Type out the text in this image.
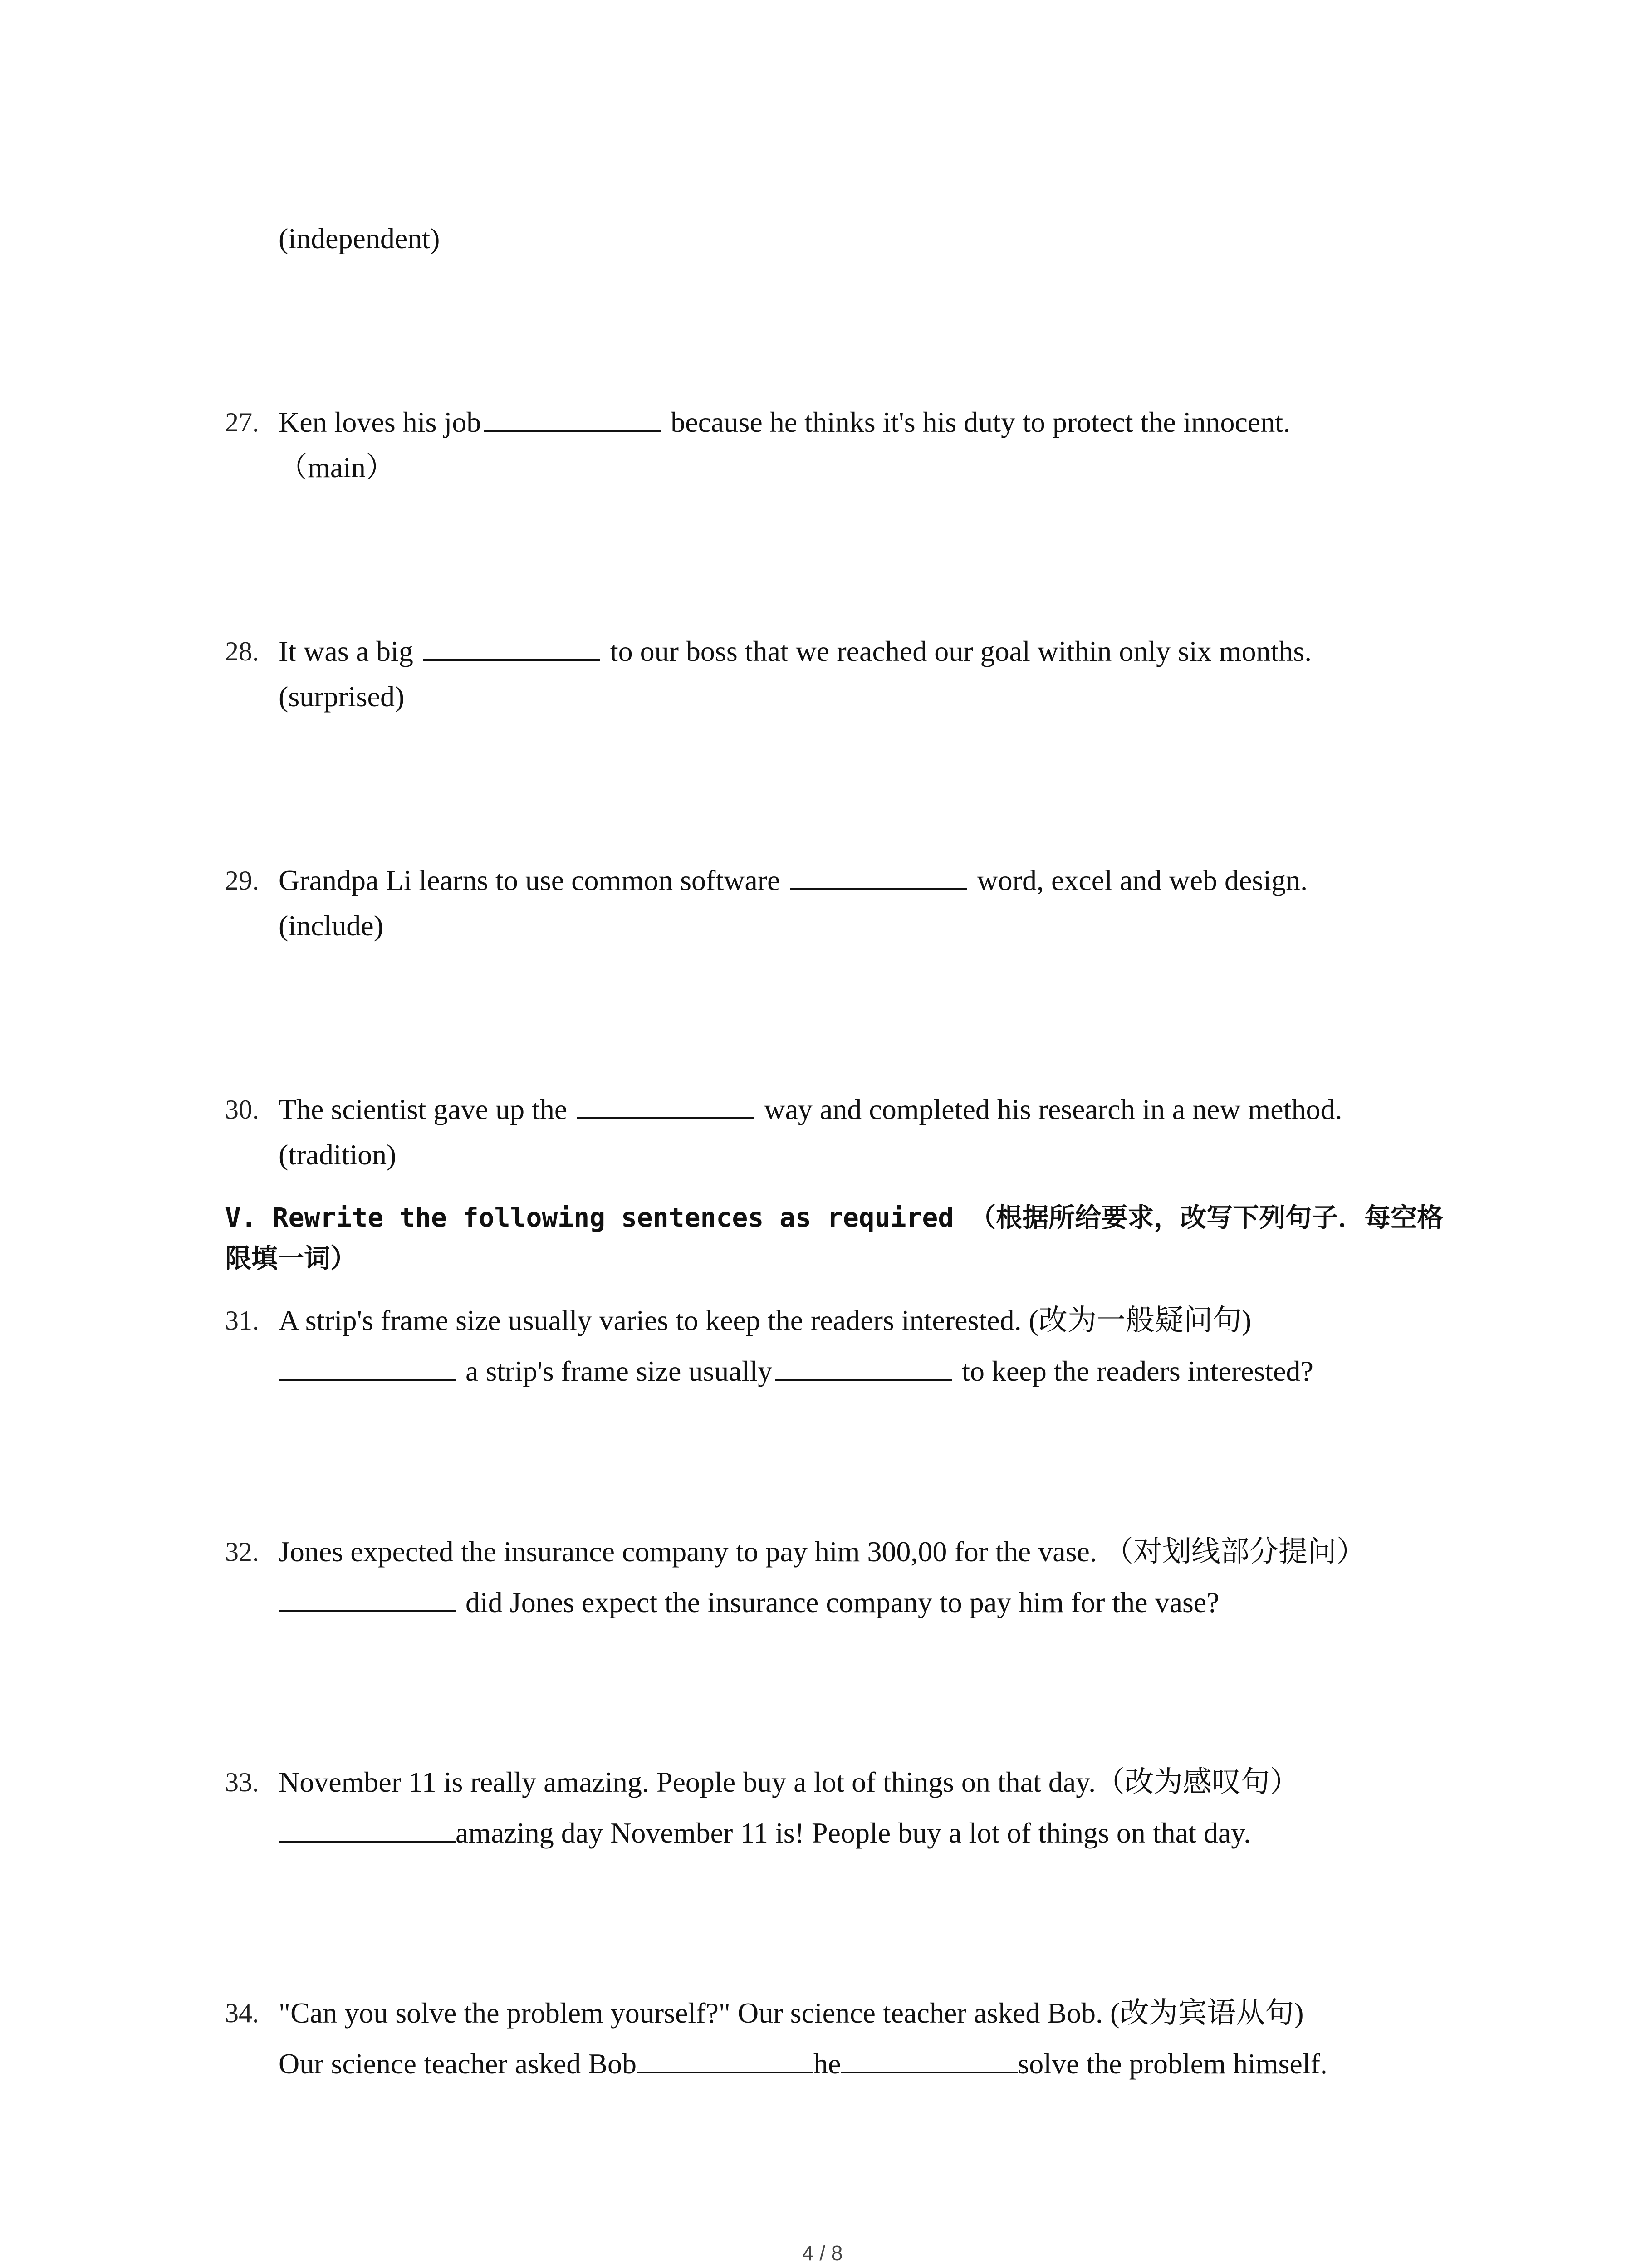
(independent)
27. Ken loves his job	because he thinks it's his duty to protect the innocent.
（main）
28. It was a big	to our boss that we reached our goal within only six months.
(surprised)
29. Grandpa Li learns to use common software	word, excel and web design.
(include)
30. The scientist gave up the	way and completed his research in a new method.
(tradition)
V. Rewrite the following sentences as required （根据所给要求，改写下列句子．每空格限填一词）
31. A strip's frame size usually varies to keep the readers interested. (改为一般疑问句)
a strip's frame size usually	to keep the readers interested?
32. Jones expected the insurance company to pay him 300,00 for the vase. （对划线部分提问）
did Jones expect the insurance company to pay him for the vase?
33. November 11 is really amazing. People buy a lot of things on that day.（改为感叹句）
amazing day November 11 is! People buy a lot of things on that day.
34. "Can you solve the problem yourself?" Our science teacher asked Bob. (改为宾语从句)
Our science teacher asked Bob	he	solve the problem himself.
4 / 8
